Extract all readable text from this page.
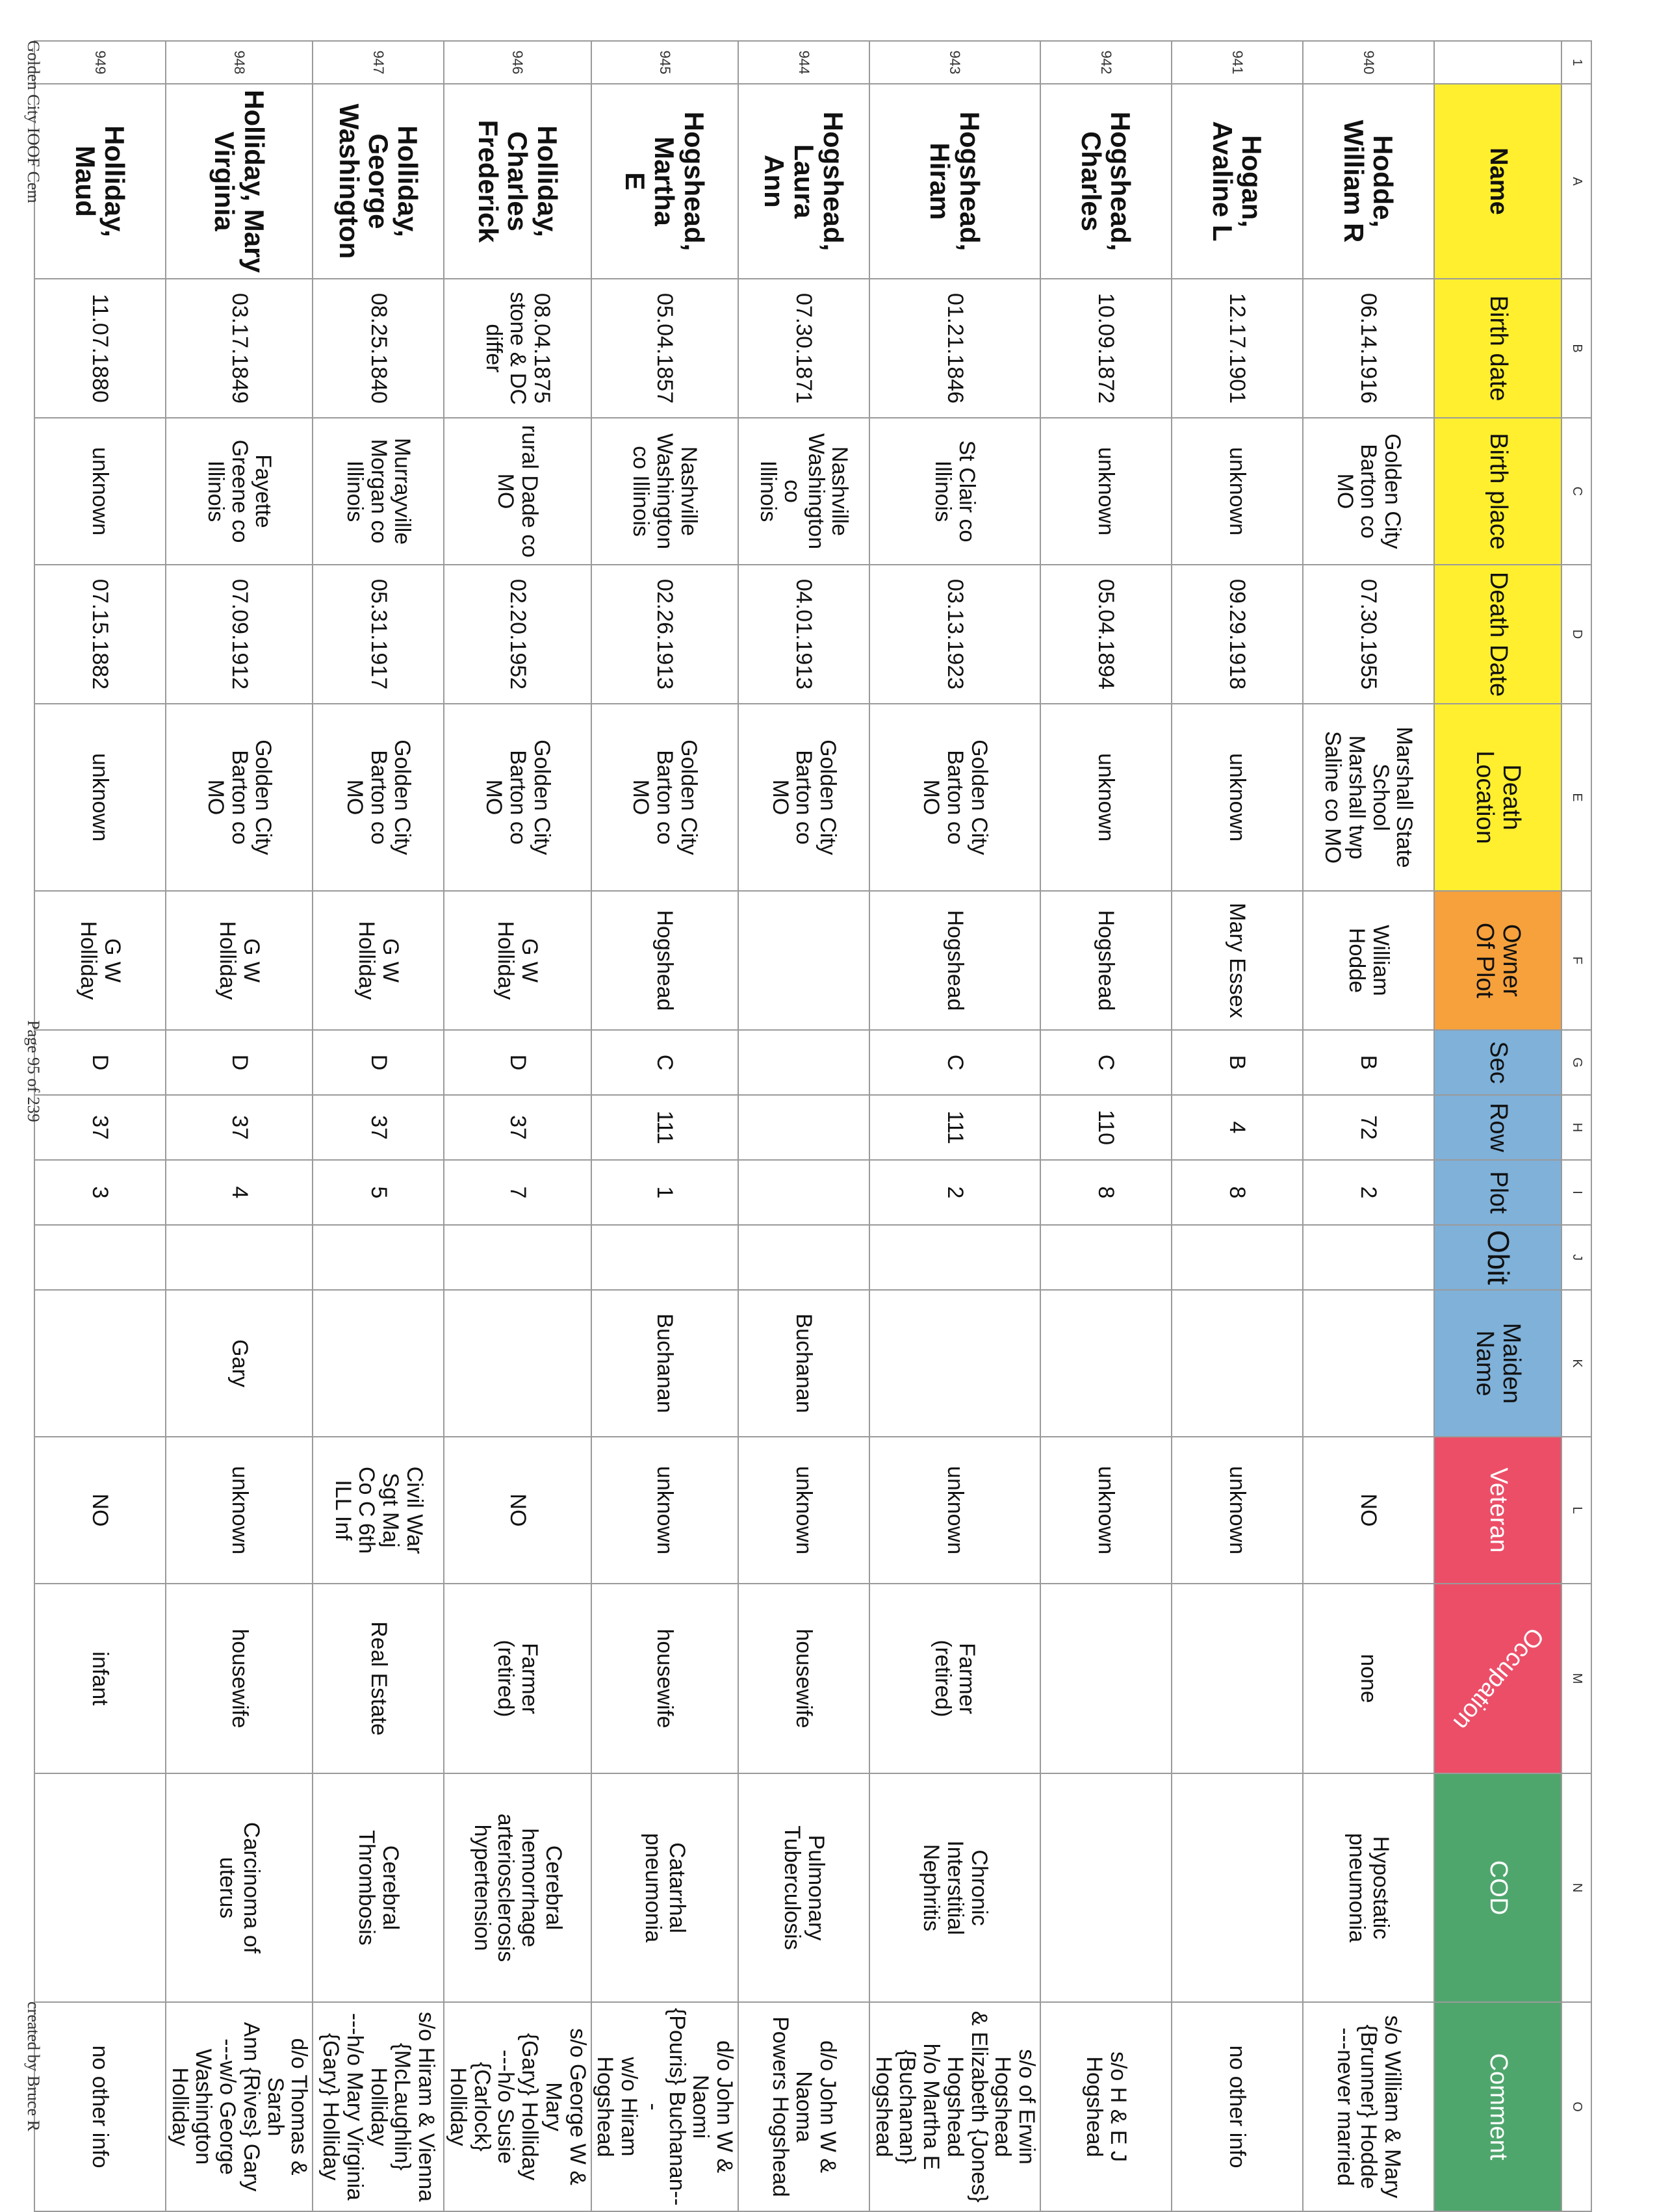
1	A	B	C	D	E	F	G	H	I	J	K	L	M	N	O
	Name	Birth date	Birth place	Death Date	Death
Location	Owner
Of Plot	Sec	Row	Plot	Obit	Maiden
Name	Veteran	Occupation	COD	Comment
940	Hodde, William R	06.14.1916	Golden City
Barton co
MO	07.30.1955	Marshall State
School
Marshall twp
Saline co MO	William
Hodde	B	72	2			NO	none	Hypostatic
pneumonia	s/o William & Mary
{Brunner} Hodde
---never married
941	Hogan, Avaline L	12.17.1901	unknown	09.29.1918	unknown	Mary Essex	B	4	8			unknown			no other info
942	Hogshead, Charles	10.09.1872	unknown	05.04.1894	unknown	Hogshead	C	110	8			unknown			s/o H & E J Hogshead
943	Hogshead, Hiram	01.21.1846	St Clair co
Illinois	03.13.1923	Golden City
Barton co
MO	Hogshead	C	111	2			unknown	Farmer
(retired)	Chronic
Interstitial
Nephritis	s/o of Erwin Hogshead
& Elizabeth {Jones}
Hogshead
h/o Martha E
{Buchanan} Hogshead
944	Hogshead, Laura
Ann	07.30.1871	Nashville
Washington
co
Illinois	04.01.1913	Golden City
Barton co
MO						Buchanan	unknown	housewife	Pulmonary
Tuberculosis	d/o John W & Naoma
Powers Hogshead
945	Hogshead, Martha
E	05.04.1857	Nashville
Washington
co Illinois	02.26.1913	Golden City
Barton co
MO	Hogshead	C	111	1		Buchanan	unknown	housewife	Catarrhal
pneumonia	d/o John W & Naomi
{Pouris} Buchanan---
w/o Hiram Hogshead
946	Holliday, Charles
Frederick	08.04.1875
stone & DC
differ	rural Dade co
MO	02.20.1952	Golden City
Barton co
MO	G W
Holliday	D	37	7			NO	Farmer
(retired)	Cerebral
hemorrhage
arteriosclerosis
hypertension	s/o George W & Mary
{Gary} Holliday
---h/o Susie {Carlock}
Holliday
947	Holliday, George
Washington	08.25.1840	Murrayville
Morgan co
Illinois	05.31.1917	Golden City
Barton co
MO	G W
Holliday	D	37	5			Civil War
Sgt Maj
Co C 6th
ILL Inf	Real Estate	Cerebral
Thrombosis	s/o Hiram & Vienna
{McLaughlin} Holliday
---h/o Mary Virginia
{Gary} Holliday
948	Holliday, Mary
Virginia	03.17.1849	Fayette
Greene co
Illinois	07.09.1912	Golden City
Barton co
MO	G W
Holliday	D	37	4		Gary	unknown	housewife	Carcinoma of
uterus	d/o Thomas & Sarah
Ann {Rives} Gary
---w/o George
Washington Holliday
949	Holliday, Maud	11.07.1880	unknown	07.15.1882	unknown	G W
Holliday	D	37	3			NO	infant		no other info
Golden City IOOF Cem
Page 95 of 239
created by Bruce R
